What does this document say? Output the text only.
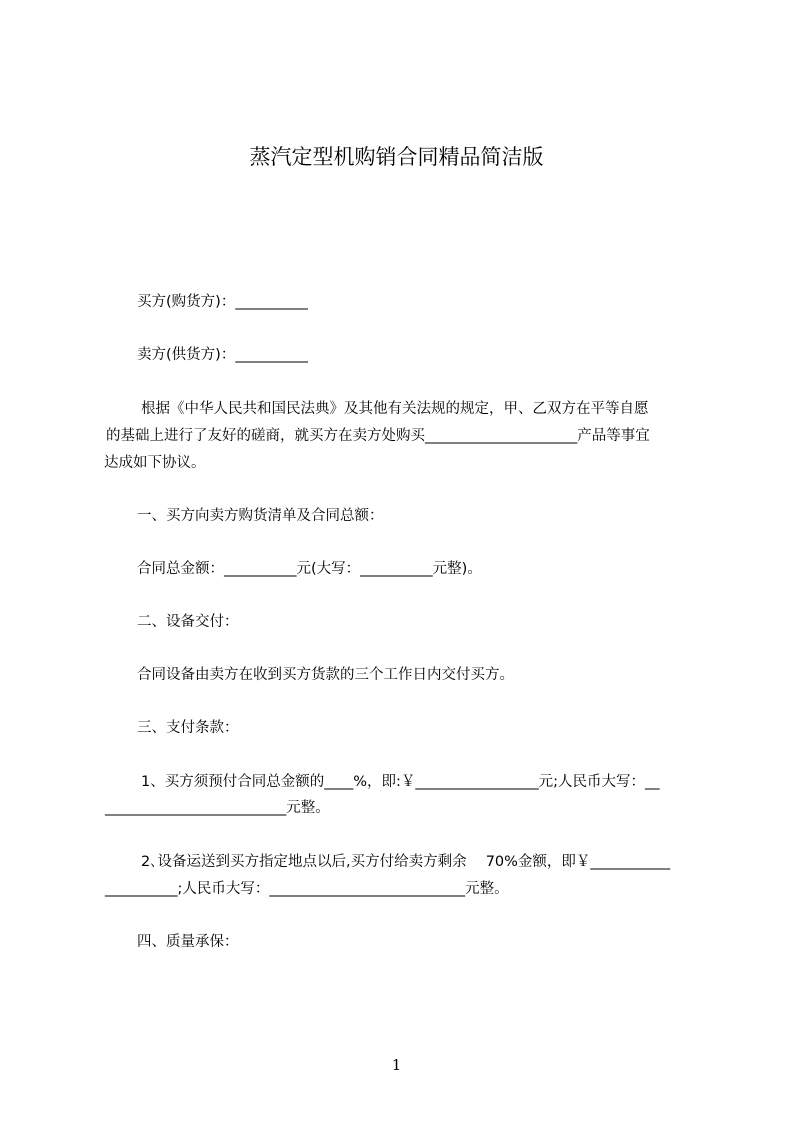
蒸汽定型机购销合同精品简洁版
买方(购货方)：__________
卖方(供货方)：__________
根据《中华人民共和国民法典》及其他有关法规的规定，甲、乙双方在平等自愿
的基础上进行了友好的磋商，就买方在卖方处购买_____________________产品等事宜
达成如下协议。
一、买方向卖方购货清单及合同总额：
合同总金额：__________元(大写：__________元整)。
二、设备交付：
合同设备由卖方在收到买方货款的三个工作日内交付买方。
三、支付条款：
1、买方须预付合同总金额的____%，即:￥_________________元;人民币大写：__
_________________________元整。
2､设备运送到买方指定地点以后,买方付给卖方剩余　 70%金额，即￥___________
__________;人民币大写：___________________________元整。
四、质量承保：
1
